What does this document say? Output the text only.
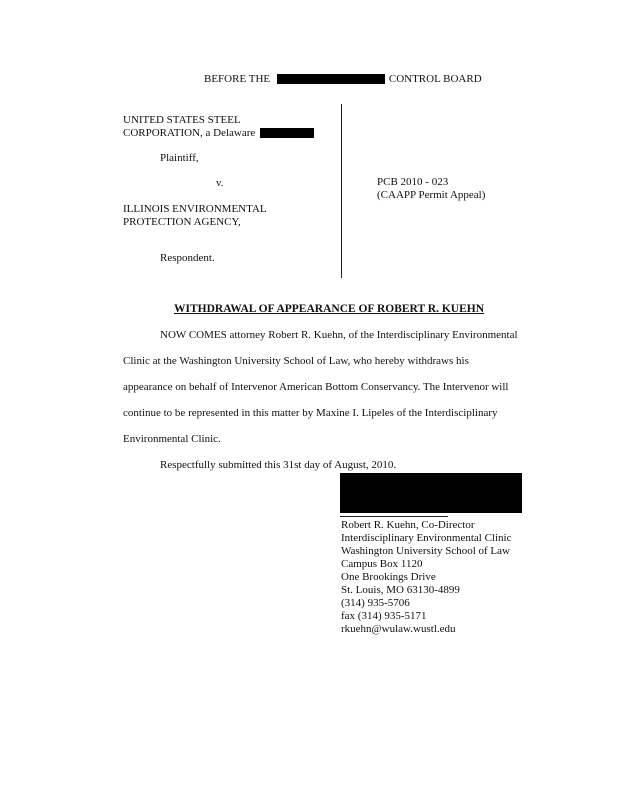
BEFORE THE	CONTROL BOARD
UNITED STATES STEEL
CORPORATION, a Delaware
Plaintiff,
v.
ILLINOIS ENVIRONMENTAL
PROTECTION AGENCY,
Respondent.
PCB 2010 - 023
(CAAPP Permit Appeal)
WITHDRAWAL OF APPEARANCE OF ROBERT R. KUEHN
NOW COMES attorney Robert R. Kuehn, of the Interdisciplinary Environmental
Clinic at the Washington University School of Law, who hereby withdraws his
appearance on behalf of Intervenor American Bottom Conservancy. The Intervenor will
continue to be represented in this matter by Maxine I. Lipeles of the Interdisciplinary
Environmental Clinic.
Respectfully submitted this 31st day of August, 2010.
Robert R. Kuehn, Co-Director
Interdisciplinary Environmental Clinic
Washington University School of Law
Campus Box 1120
One Brookings Drive
St. Louis, MO 63130-4899
(314) 935-5706
fax (314) 935-5171
rkuehn@wulaw.wustl.edu
